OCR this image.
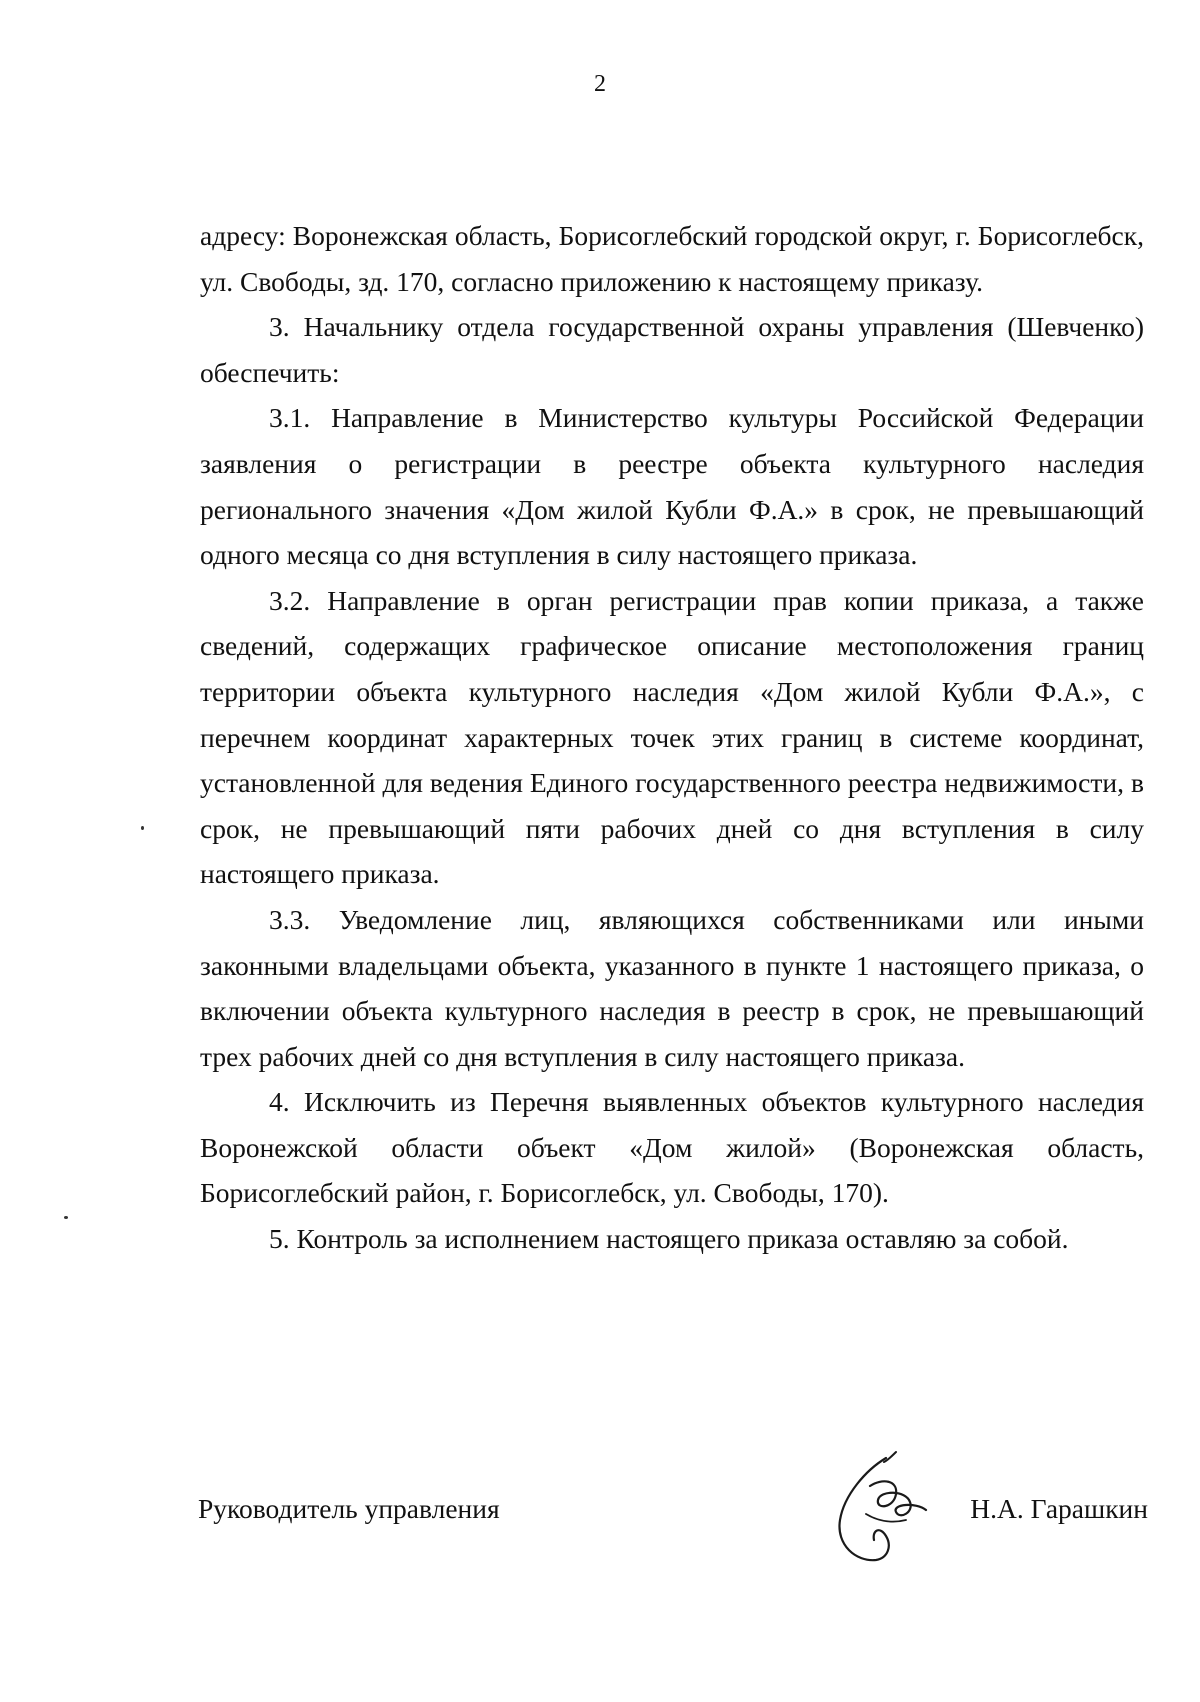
2

адресу: Воронежская область, Борисоглебский городской округ, г. Борисоглебск, ул. Свободы, зд. 170, согласно приложению к настоящему приказу.

3. Начальнику отдела государственной охраны управления (Шевченко) обеспечить:

3.1. Направление в Министерство культуры Российской Федерации заявления о регистрации в реестре объекта культурного наследия регионального значения «Дом жилой Кубли Ф.А.» в срок, не превышающий одного месяца со дня вступления в силу настоящего приказа.

3.2. Направление в орган регистрации прав копии приказа, а также сведений, содержащих графическое описание местоположения границ территории объекта культурного наследия «Дом жилой Кубли Ф.А.», с перечнем координат характерных точек этих границ в системе координат, установленной для ведения Единого государственного реестра недвижимости, в срок, не превышающий пяти рабочих дней со дня вступления в силу настоящего приказа.

3.3. Уведомление лиц, являющихся собственниками или иными законными владельцами объекта, указанного в пункте 1 настоящего приказа, о включении объекта культурного наследия в реестр в срок, не превышающий трех рабочих дней со дня вступления в силу настоящего приказа.

4. Исключить из Перечня выявленных объектов культурного наследия Воронежской области объект «Дом жилой» (Воронежская область, Борисоглебский район, г. Борисоглебск, ул. Свободы, 170).

5. Контроль за исполнением настоящего приказа оставляю за собой.

Руководитель управления	Н.А. Гарашкин
